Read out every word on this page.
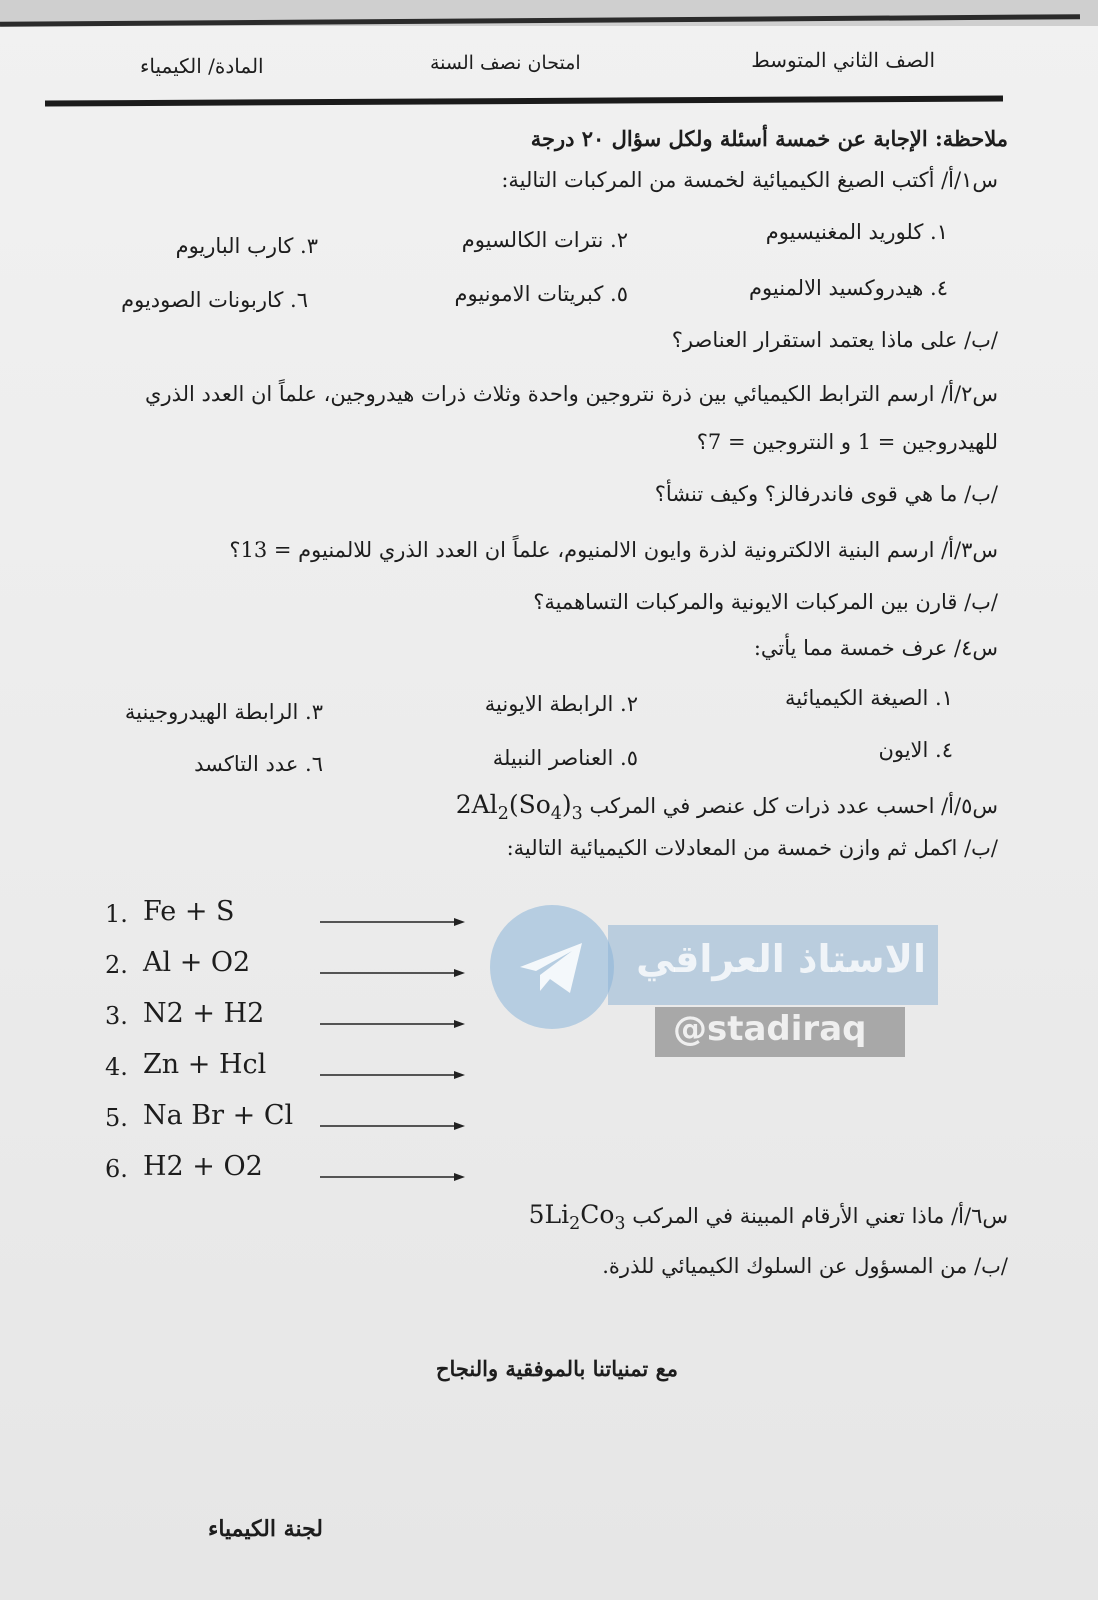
الصف الثاني المتوسط
امتحان نصف السنة
المادة/ الكيمياء
ملاحظة: الإجابة عن خمسة أسئلة ولكل سؤال ٢٠ درجة
س١/أ/ أكتب الصيغ الكيميائية لخمسة من المركبات التالية:
١. كلوريد المغنيسيوم
٢. نترات الكالسيوم
٣. كارب الباريوم
٤. هيدروكسيد الالمنيوم
٥. كبريتات الامونيوم
٦. كاربونات الصوديوم
/ب/ على ماذا يعتمد استقرار العناصر؟
س٢/أ/ ارسم الترابط الكيميائي بين ذرة نتروجين واحدة وثلاث ذرات هيدروجين، علماً ان العدد الذري
للهيدروجين = 1 و النتروجين = 7؟
/ب/ ما هي قوى فاندرفالز؟ وكيف تنشأ؟
س٣/أ/ ارسم البنية الالكترونية لذرة وايون الالمنيوم، علماً ان العدد الذري للالمنيوم = 13؟
/ب/ قارن بين المركبات الايونية والمركبات التساهمية؟
س٤/ عرف خمسة مما يأتي:
١. الصيغة الكيميائية
٢. الرابطة الايونية
٣. الرابطة الهيدروجينية
٤. الايون
٥. العناصر النبيلة
٦. عدد التاكسد
س٥/أ/ احسب عدد ذرات كل عنصر في المركب $2Al_2(So_4)_3$
/ب/ اكمل ثم وازن خمسة من المعادلات الكيميائية التالية:
1. Fe + S
2. Al + O2
3. N2 + H2
4. Zn + Hcl
5. Na Br + Cl
6. H2 + O2
س٦/أ/ ماذا تعني الأرقام المبينة في المركب $5Li_2Co_3$
/ب/ من المسؤول عن السلوك الكيميائي للذرة.
مع تمنياتنا بالموفقية والنجاح
لجنة الكيمياء
الاستاذ العراقي
@stadiraq
